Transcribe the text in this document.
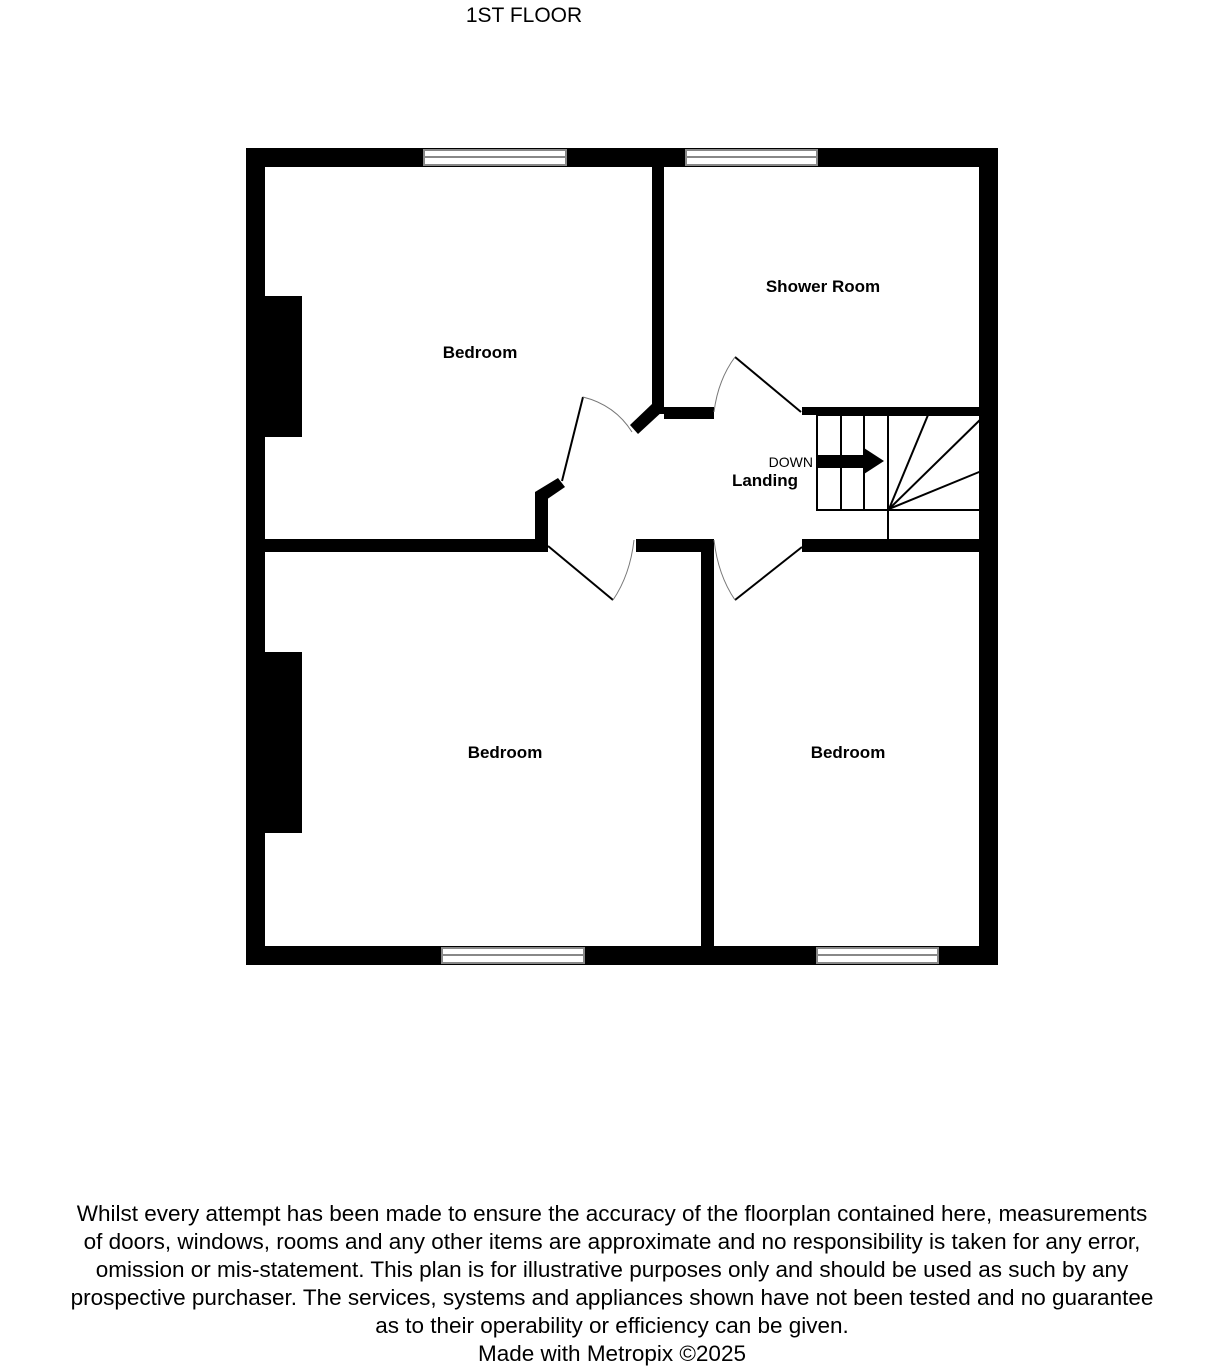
1ST FLOOR
Bedroom
Shower Room
Landing
DOWN
Bedroom	Bedroom
Whilst every attempt has been made to ensure the accuracy of the floorplan contained here, measurements
of doors, windows, rooms and any other items are approximate and no responsibility is taken for any error,
omission or mis-statement. This plan is for illustrative purposes only and should be used as such by any
prospective purchaser. The services, systems and appliances shown have not been tested and no guarantee
as to their operability or efficiency can be given.
Made with Metropix ©2025
